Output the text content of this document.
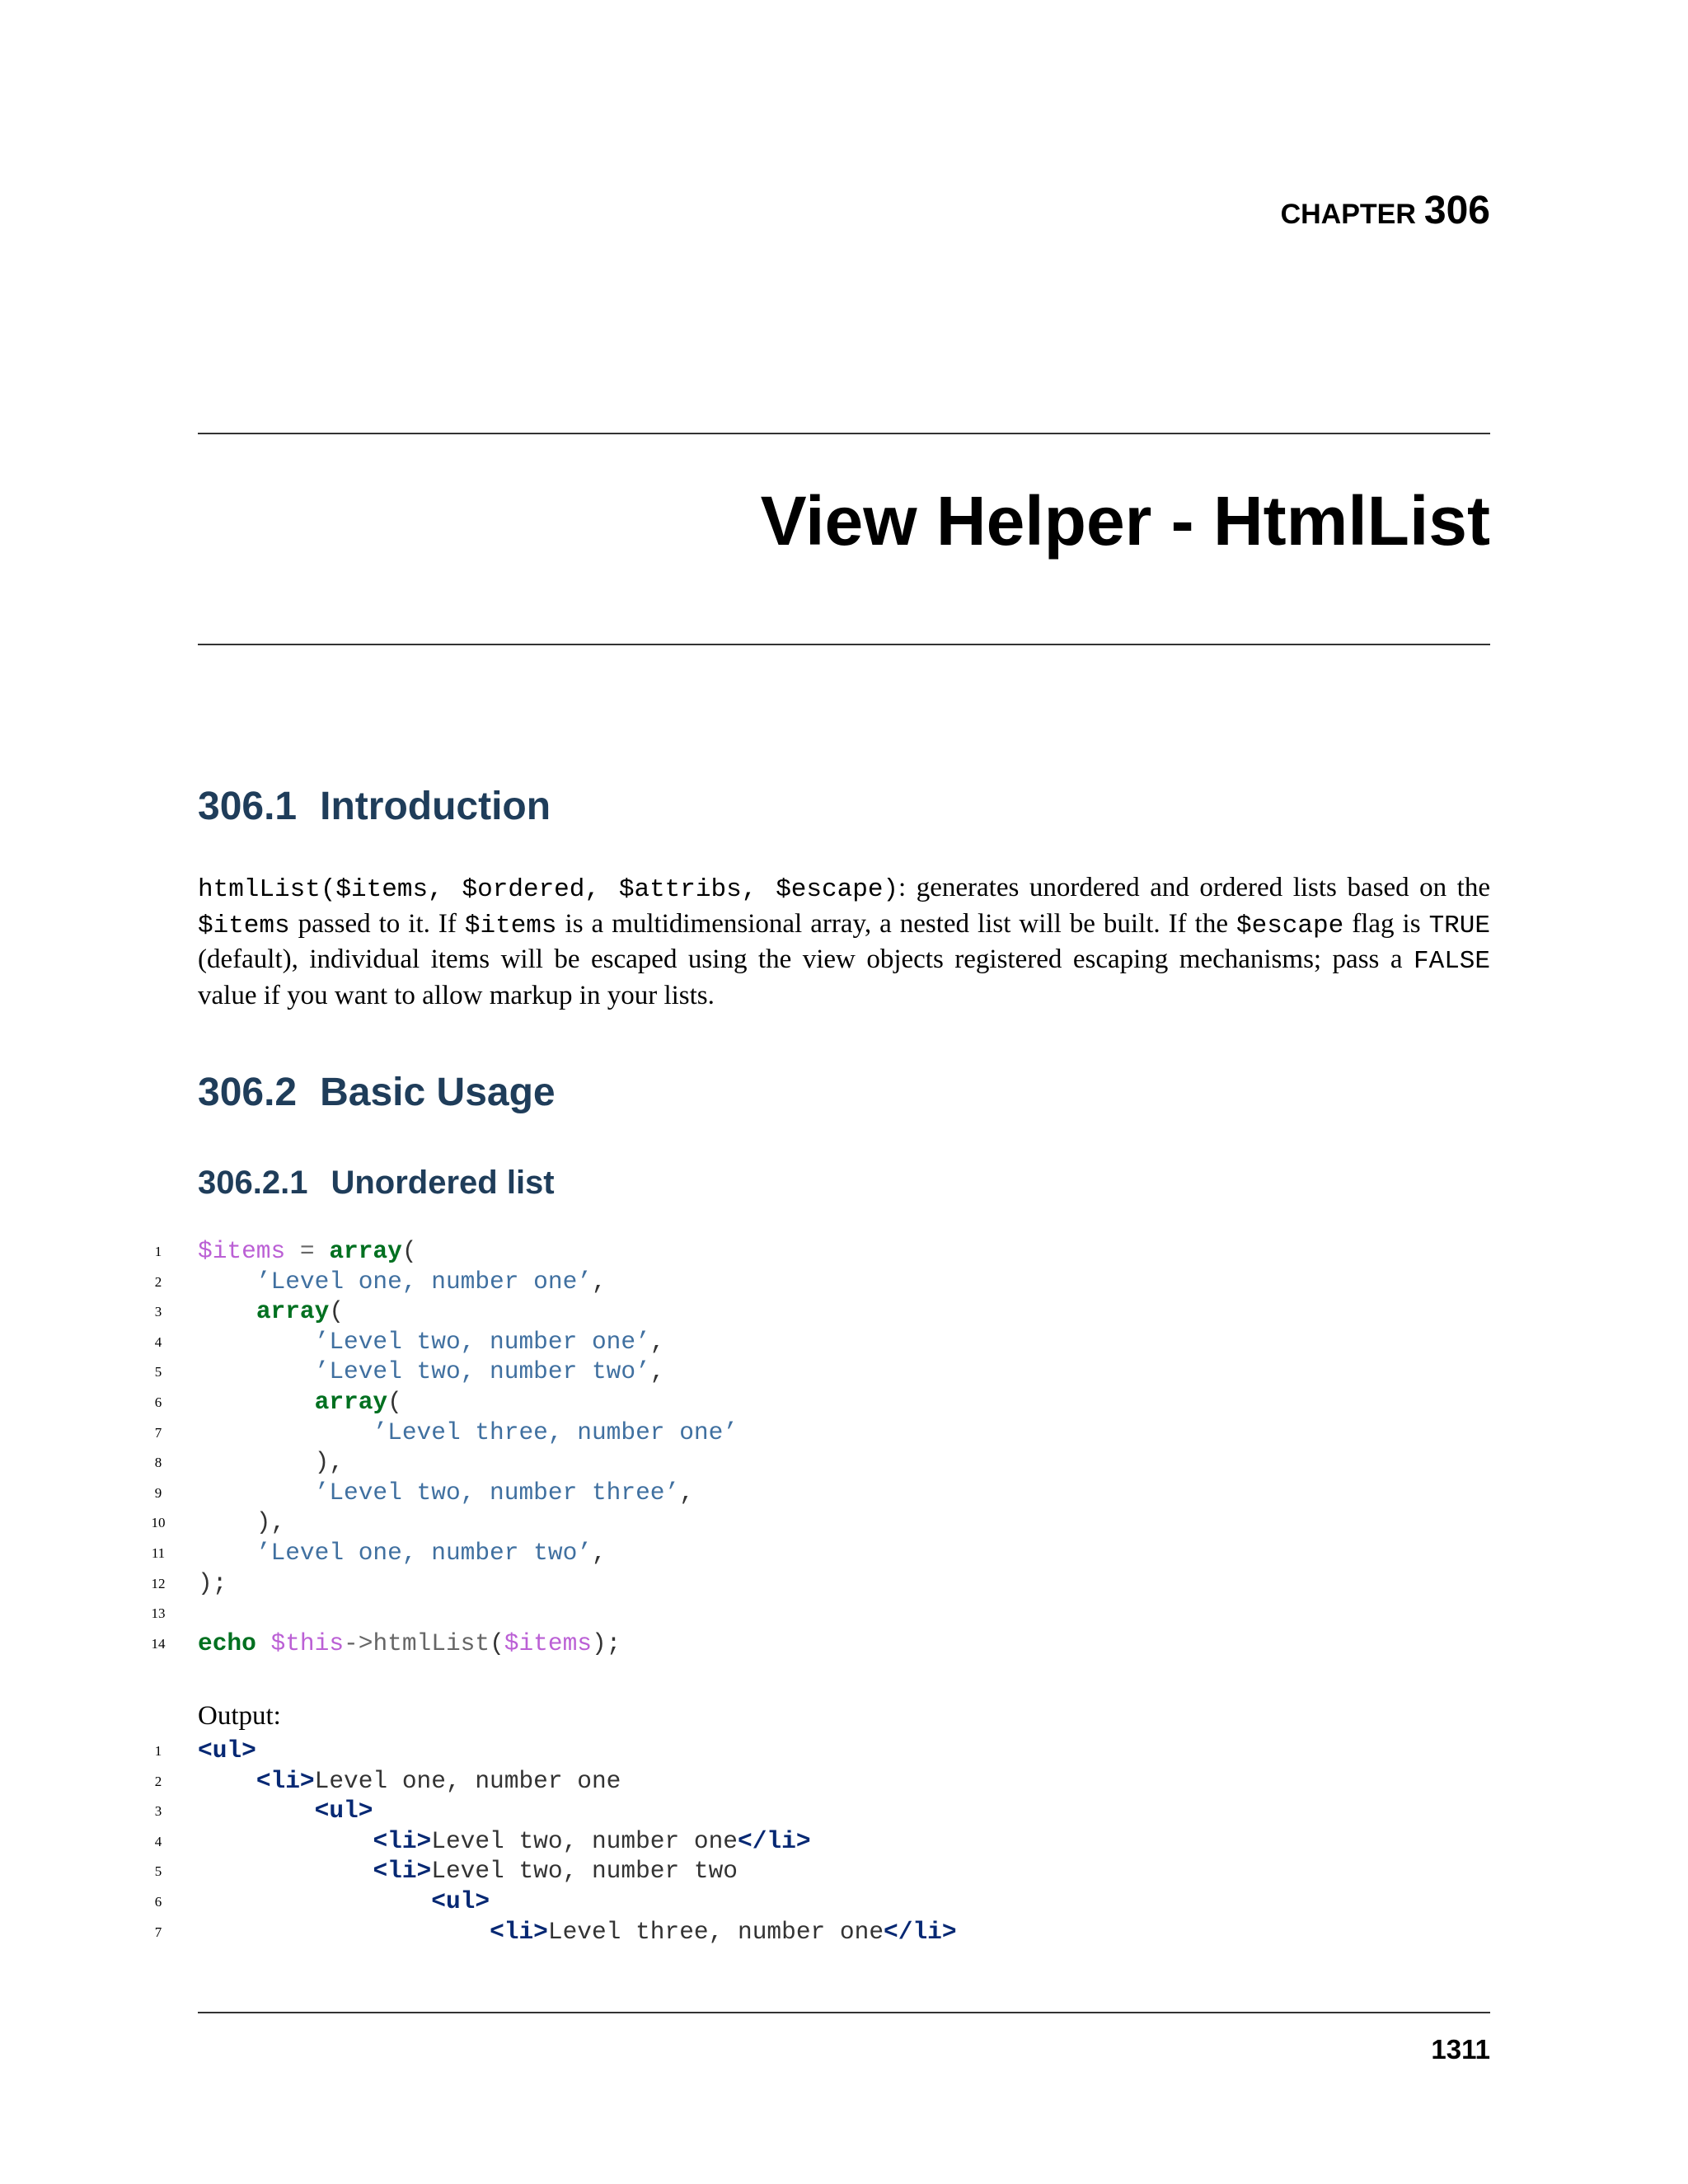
CHAPTER 306
View Helper - HtmlList
306.1 Introduction
htmlList($items, $ordered, $attribs, $escape): generates unordered and ordered lists based on the $items passed to it. If $items is a multidimensional array, a nested list will be built. If the $escape flag is TRUE (default), individual items will be escaped using the view objects registered escaping mechanisms; pass a FALSE value if you want to allow markup in your lists.
306.2 Basic Usage
306.2.1 Unordered list
1 $items = array(
2	’Level one, number one’,
3	array(
4	’Level two, number one’,
5	’Level two, number two’,
6	array(
7	’Level three, number one’
8 ),
9	’Level two, number three’,
10 ),
11	’Level one, number two’,
12 );
13
14 echo $this->htmlList($items);
Output:
1 <ul>
2	<li>Level one, number one
3	<ul>
4	<li>Level two, number one</li>
5	<li>Level two, number two
6	<ul>
7	<li>Level three, number one</li>
1311
